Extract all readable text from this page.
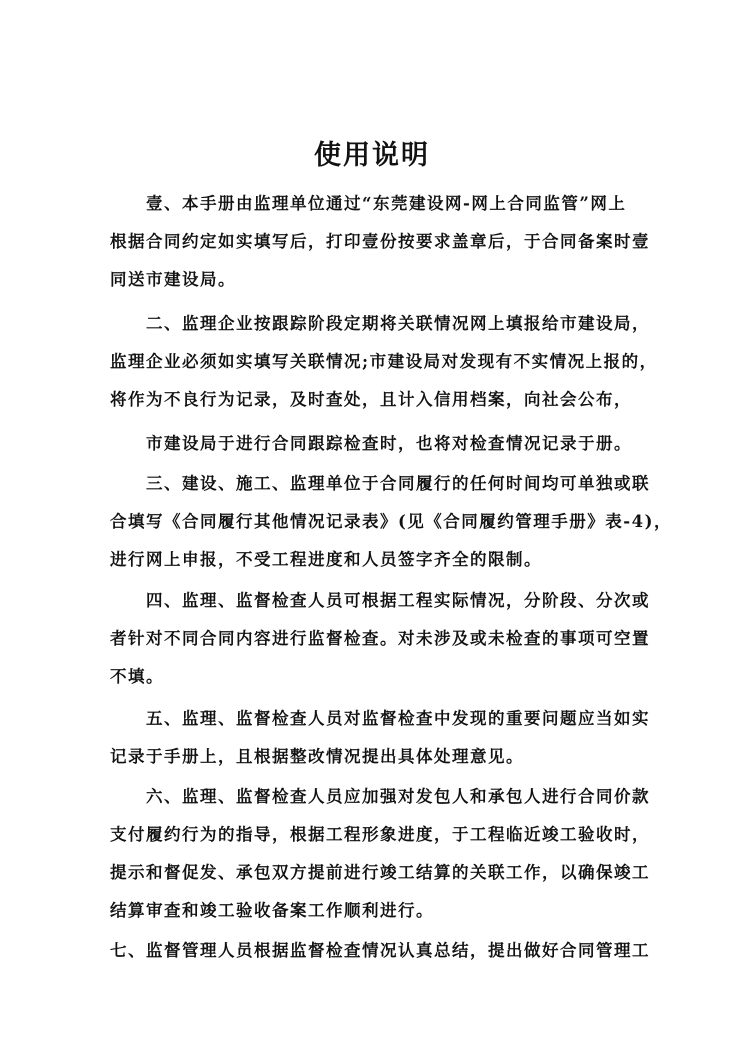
使用说明
壹、本手册由监理单位通过“东莞建设网-网上合同监管”网上
根据合同约定如实填写后，打印壹份按要求盖章后，于合同备案时壹
同送市建设局。
二、监理企业按跟踪阶段定期将关联情况网上填报给市建设局，
监理企业必须如实填写关联情况;市建设局对发现有不实情况上报的，
将作为不良行为记录，及时查处，且计入信用档案，向社会公布，
市建设局于进行合同跟踪检查时，也将对检查情况记录于册。
三、建设、施工、监理单位于合同履行的任何时间均可单独或联
合填写《合同履行其他情况记录表》(见《合同履约管理手册》表-4)，
进行网上申报，不受工程进度和人员签字齐全的限制。
四、监理、监督检查人员可根据工程实际情况，分阶段、分次或
者针对不同合同内容进行监督检查。对未涉及或未检查的事项可空置
不填。
五、监理、监督检查人员对监督检查中发现的重要问题应当如实
记录于手册上，且根据整改情况提出具体处理意见。
六、监理、监督检查人员应加强对发包人和承包人进行合同价款
支付履约行为的指导，根据工程形象进度，于工程临近竣工验收时，
提示和督促发、承包双方提前进行竣工结算的关联工作，以确保竣工
结算审查和竣工验收备案工作顺利进行。
七、监督管理人员根据监督检查情况认真总结，提出做好合同管理工
